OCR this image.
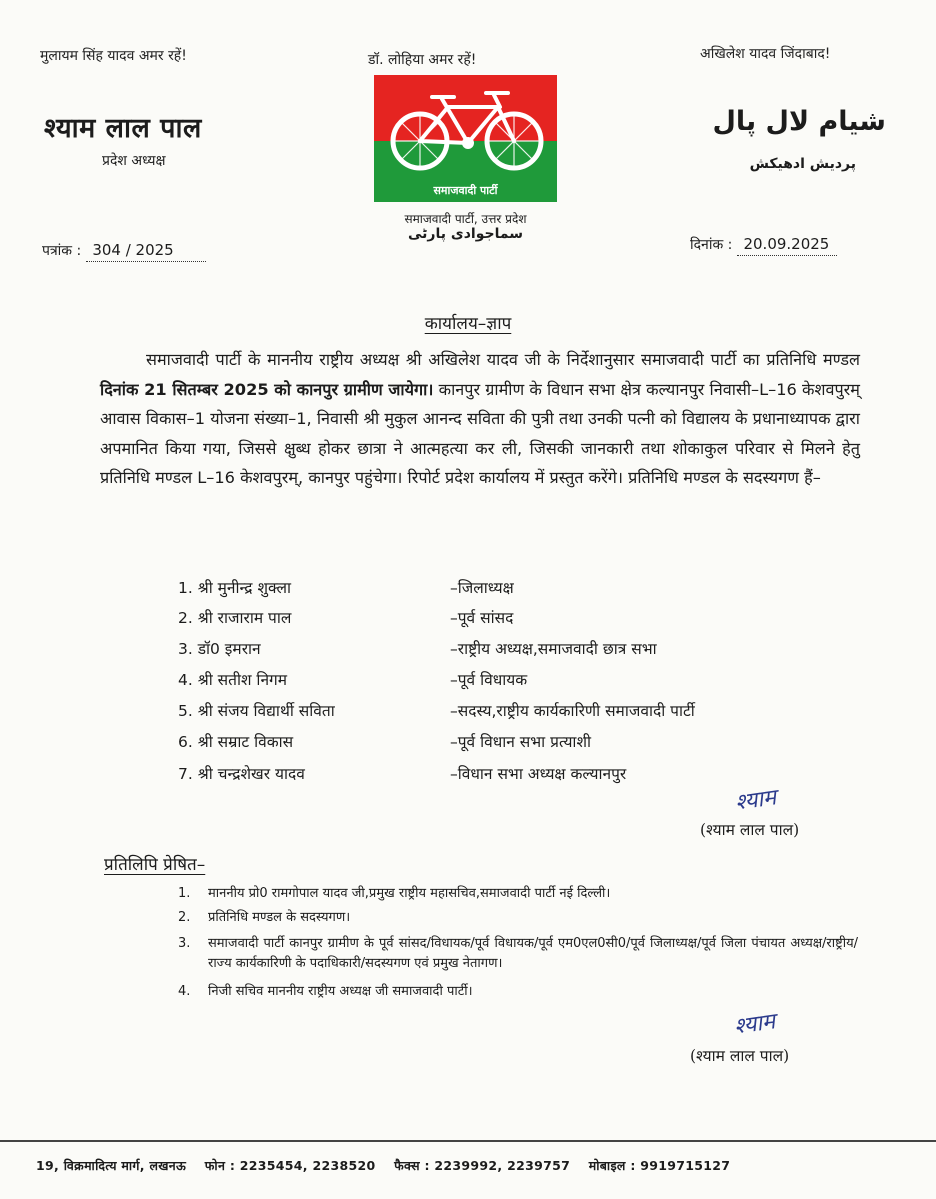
मुलायम सिंह यादव अमर रहें!	डॉ. लोहिया अमर रहें!	अखिलेश यादव जिंदाबाद!
श्याम लाल पाल
प्रदेश अध्यक्ष
شیام لال پال
پردیش ادھیکش
समाजवादी पार्टी
समाजवादी पार्टी, उत्तर प्रदेश
سماجوادی پارٹی
पत्रांक : 304 / 2025	दिनांक : 20.09.2025
कार्यालय–ज्ञाप
समाजवादी पार्टी के माननीय राष्ट्रीय अध्यक्ष श्री अखिलेश यादव जी के निर्देशानुसार समाजवादी पार्टी का प्रतिनिधि मण्डल दिनांक 21 सितम्बर 2025 को कानपुर ग्रामीण जायेगा। कानपुर ग्रामीण के विधान सभा क्षेत्र कल्यानपुर निवासी–L–16 केशवपुरम् आवास विकास–1 योजना संख्या–1, निवासी श्री मुकुल आनन्द सविता की पुत्री तथा उनकी पत्नी को विद्यालय के प्रधानाध्यापक द्वारा अपमानित किया गया, जिससे क्षुब्ध होकर छात्रा ने आत्महत्या कर ली, जिसकी जानकारी तथा शोकाकुल परिवार से मिलने हेतु प्रतिनिधि मण्डल L–16 केशवपुरम्, कानपुर पहुंचेगा। रिपोर्ट प्रदेश कार्यालय में प्रस्तुत करेंगे। प्रतिनिधि मण्डल के सदस्यगण हैं–
1. श्री मुनीन्द्र शुक्ला	–जिलाध्यक्ष
2. श्री राजाराम पाल	–पूर्व सांसद
3. डॉ0 इमरान	–राष्ट्रीय अध्यक्ष,समाजवादी छात्र सभा
4. श्री सतीश निगम	–पूर्व विधायक
5. श्री संजय विद्यार्थी सविता	–सदस्य,राष्ट्रीय कार्यकारिणी समाजवादी पार्टी
6. श्री सम्राट विकास	–पूर्व विधान सभा प्रत्याशी
7. श्री चन्द्रशेखर यादव	–विधान सभा अध्यक्ष कल्यानपुर
श्याम
(श्याम लाल पाल)
प्रतिलिपि प्रेषित–
1. माननीय प्रो0 रामगोपाल यादव जी,प्रमुख राष्ट्रीय महासचिव,समाजवादी पार्टी नई दिल्ली।
2. प्रतिनिधि मण्डल के सदस्यगण।
3. समाजवादी पार्टी कानपुर ग्रामीण के पूर्व सांसद/विधायक/पूर्व विधायक/पूर्व एम0एल0सी0/पूर्व जिलाध्यक्ष/पूर्व जिला पंचायत अध्यक्ष/राष्ट्रीय/राज्य कार्यकारिणी के पदाधिकारी/सदस्यगण एवं प्रमुख नेतागण।
4. निजी सचिव माननीय राष्ट्रीय अध्यक्ष जी समाजवादी पार्टी।
श्याम
(श्याम लाल पाल)
19, विक्रमादित्य मार्ग, लखनऊ फोन : 2235454, 2238520 फैक्स : 2239992, 2239757 मोबाइल : 9919715127
